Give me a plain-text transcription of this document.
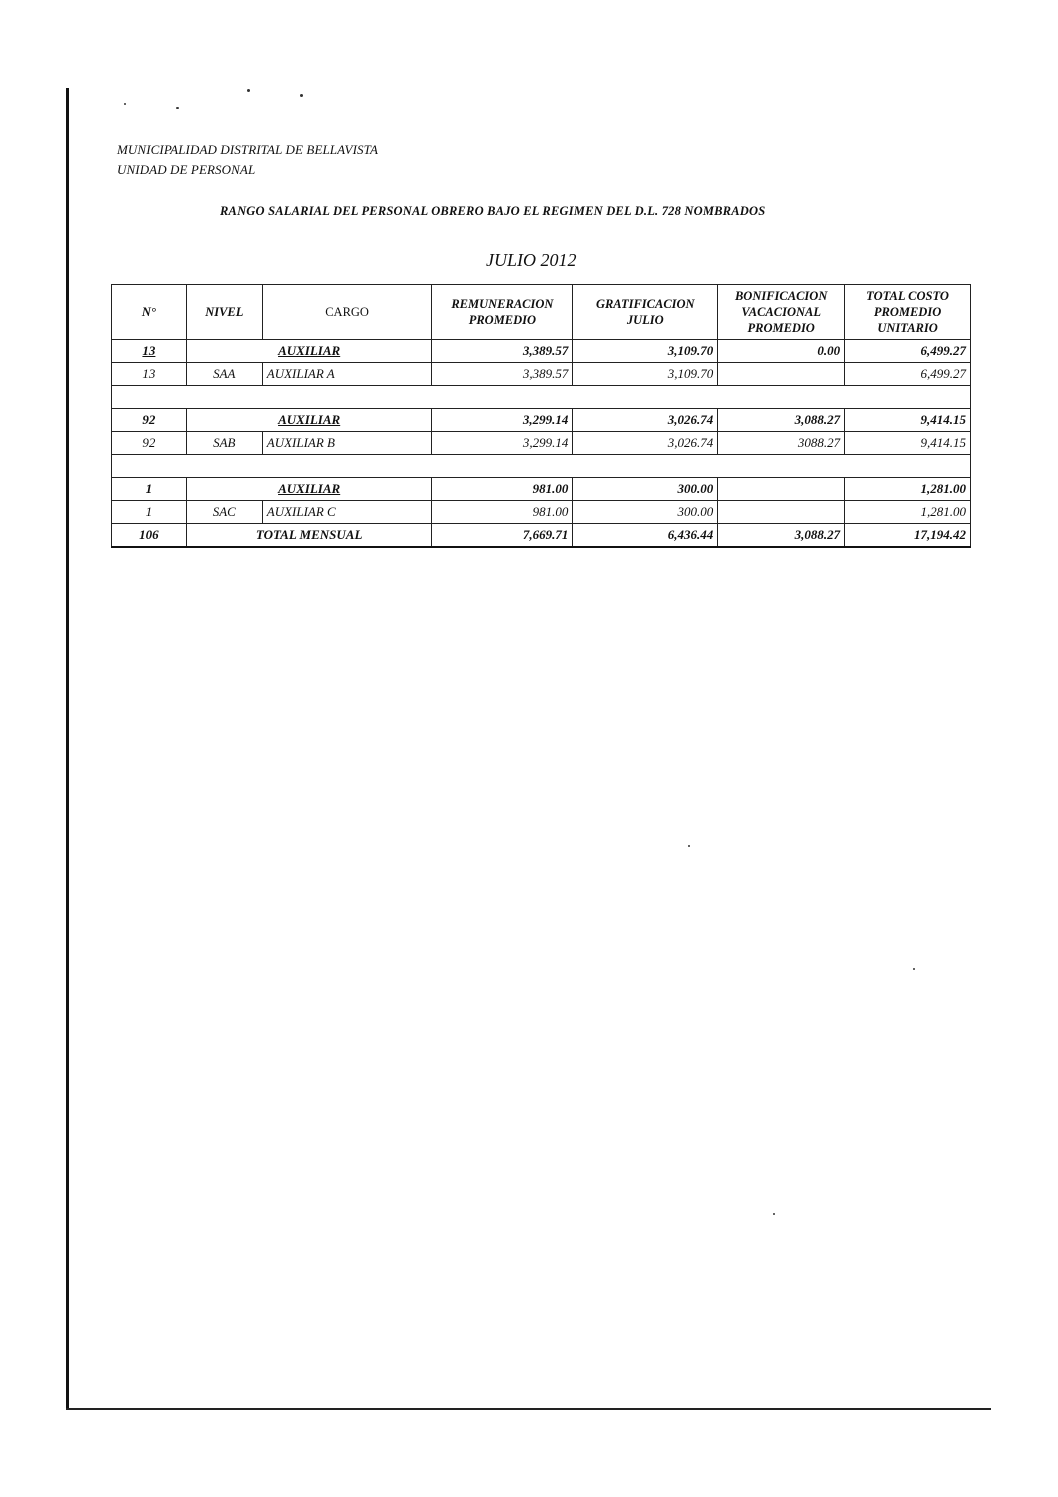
MUNICIPALIDAD DISTRITAL DE BELLAVISTA
UNIDAD DE PERSONAL
RANGO SALARIAL DEL PERSONAL OBRERO BAJO EL REGIMEN DEL D.L. 728 NOMBRADOS
JULIO 2012
N°	NIVEL	CARGO	REMUNERACION PROMEDIO	GRATIFICACION JULIO	BONIFICACION VACACIONAL PROMEDIO	TOTAL COSTO PROMEDIO UNITARIO
13	AUXILIAR		3,389.57	3,109.70	0.00	6,499.27
13	SAA	AUXILIAR A	3,389.57	3,109.70		6,499.27

92	AUXILIAR		3,299.14	3,026.74	3,088.27	9,414.15
92	SAB	AUXILIAR B	3,299.14	3,026.74	3088.27	9,414.15

1	AUXILIAR		981.00	300.00		1,281.00
1	SAC	AUXILIAR C	981.00	300.00		1,281.00
106	TOTAL MENSUAL		7,669.71	6,436.44	3,088.27	17,194.42
